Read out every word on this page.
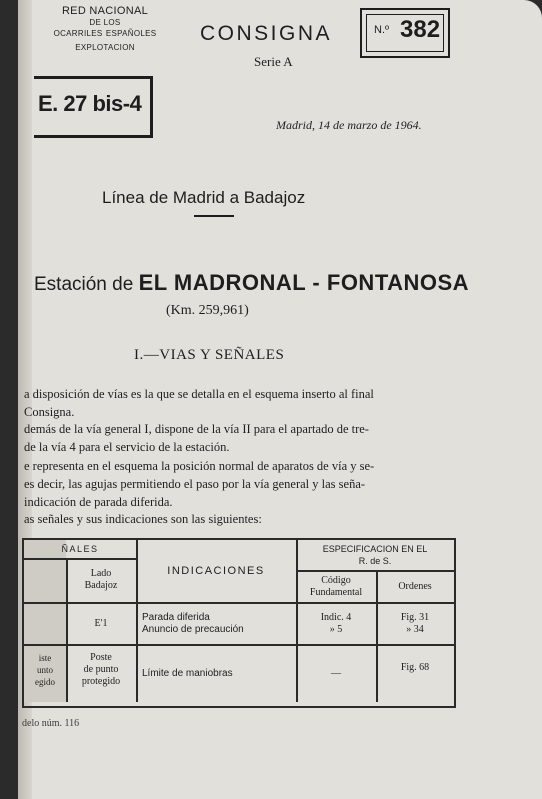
RED NACIONAL
DE LOS
ocarriles españoles
EXPLOTACION
E. 27 bis-4
CONSIGNA
Serie A
N.º 382
Madrid, 14 de marzo de 1964.
Línea de Madrid a Badajoz
Estación de EL MADRONAL - FONTANOSA
(Km. 259,961)
I.—VIAS Y SEÑALES
a disposición de vías es la que se detalla en el esquema inserto al final
Consigna.
demás de la vía general I, dispone de la vía II para el apartado de tre-
de la vía 4 para el servicio de la estación.
e representa en el esquema la posición normal de aparatos de vía y se-
es decir, las agujas permitiendo el paso por la vía general y las seña-
indicación de parada diferida.
as señales y sus indicaciones son las siguientes:
ÑALES
Lado
Badajoz
INDICACIONES
ESPECIFICACION EN EL
R. de S.
Código
Fundamental
Ordenes
E'1
Parada diferida
Anuncio de precaución
Indic. 4
» 5
Fig. 31
» 34
iste
unto
egido
Poste
de punto
protegido
Límite de maniobras	—
Fig. 68
delo núm. 116
